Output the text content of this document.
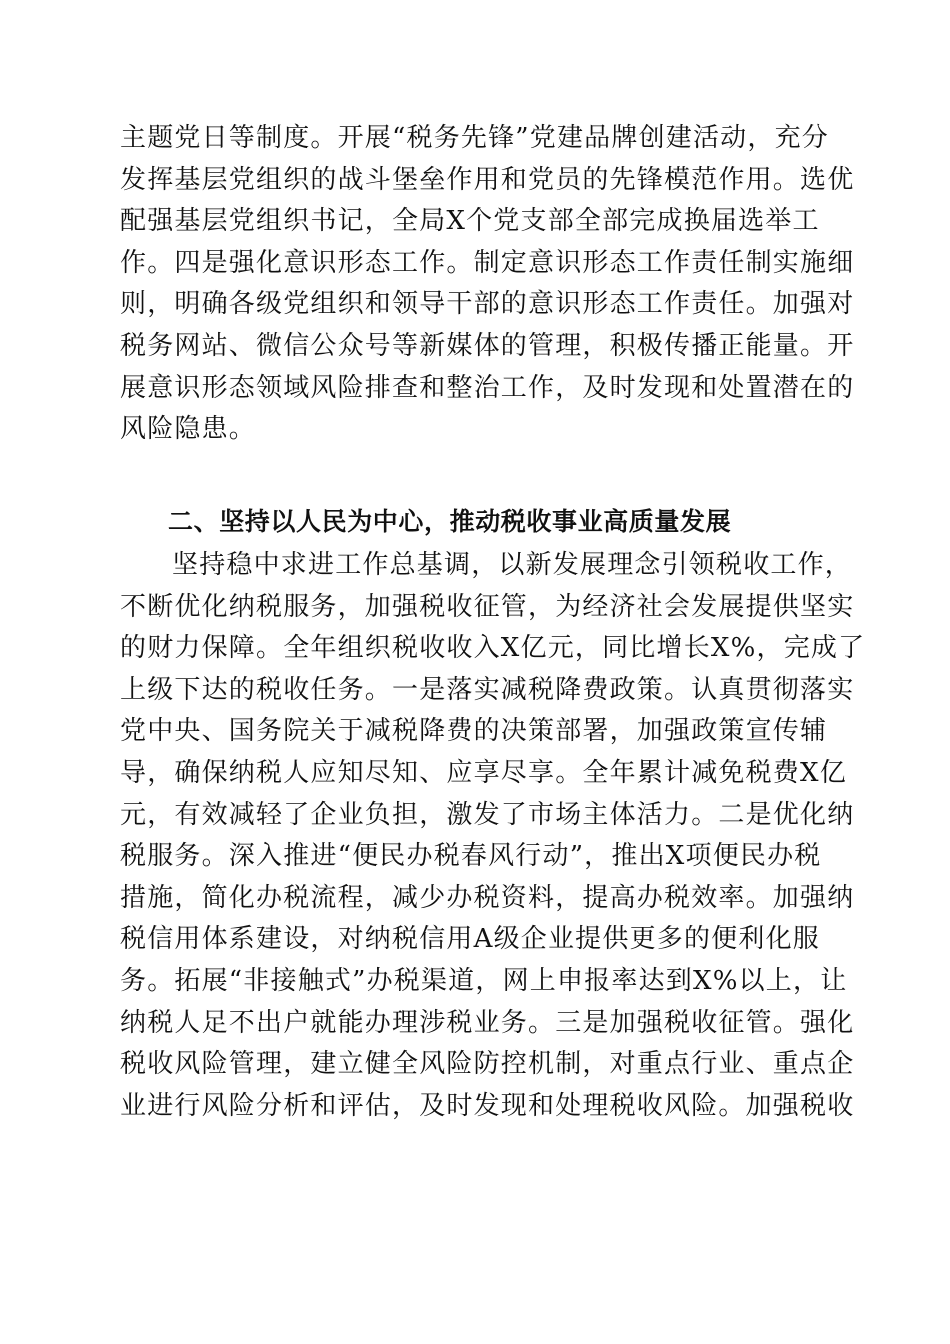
主题党日等制度。开展“税务先锋”党建品牌创建活动，充分
发挥基层党组织的战斗堡垒作用和党员的先锋模范作用。选优
配强基层党组织书记，全局X个党支部全部完成换届选举工
作。四是强化意识形态工作。制定意识形态工作责任制实施细
则，明确各级党组织和领导干部的意识形态工作责任。加强对
税务网站、微信公众号等新媒体的管理，积极传播正能量。开
展意识形态领域风险排查和整治工作，及时发现和处置潜在的
风险隐患。
二、坚持以人民为中心，推动税收事业高质量发展
坚持稳中求进工作总基调，以新发展理念引领税收工作，
不断优化纳税服务，加强税收征管，为经济社会发展提供坚实
的财力保障。全年组织税收收入X亿元，同比增长X%，完成了
上级下达的税收任务。一是落实减税降费政策。认真贯彻落实
党中央、国务院关于减税降费的决策部署，加强政策宣传辅
导，确保纳税人应知尽知、应享尽享。全年累计减免税费X亿
元，有效减轻了企业负担，激发了市场主体活力。二是优化纳
税服务。深入推进“便民办税春风行动”，推出X项便民办税
措施，简化办税流程，减少办税资料，提高办税效率。加强纳
税信用体系建设，对纳税信用A级企业提供更多的便利化服
务。拓展“非接触式”办税渠道，网上申报率达到X%以上，让
纳税人足不出户就能办理涉税业务。三是加强税收征管。强化
税收风险管理，建立健全风险防控机制，对重点行业、重点企
业进行风险分析和评估，及时发现和处理税收风险。加强税收
